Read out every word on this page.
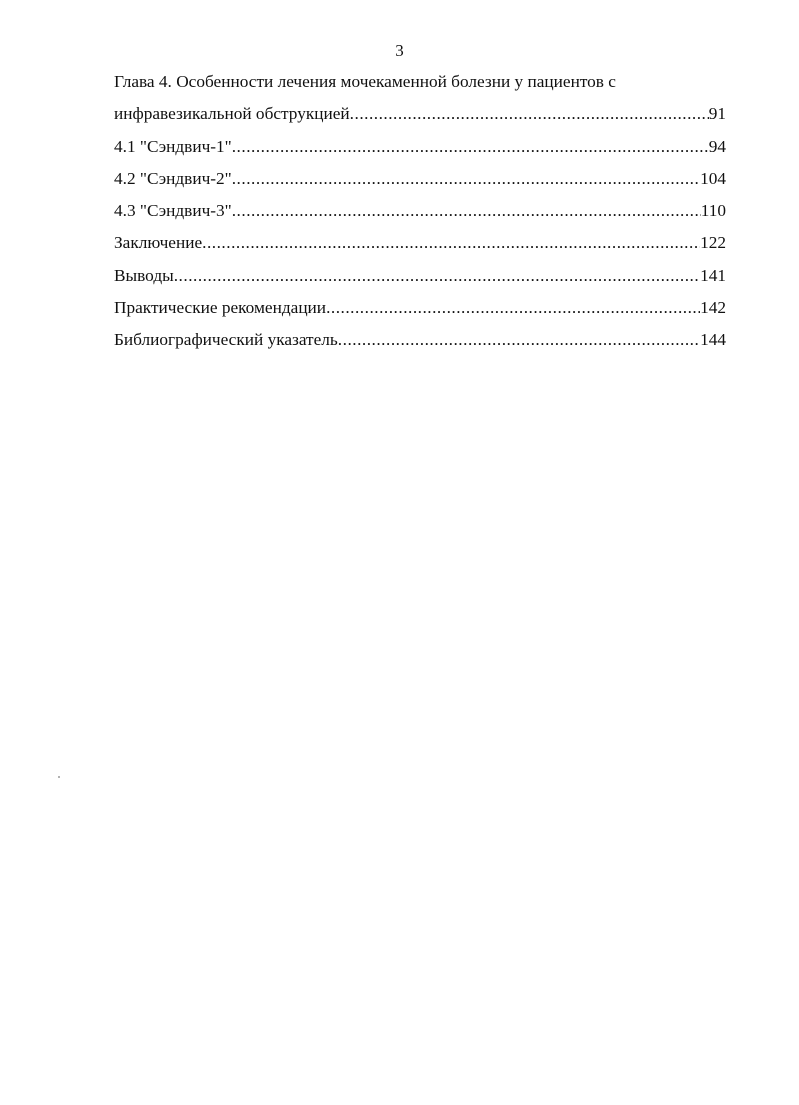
3
Глава 4. Особенности лечения мочекаменной болезни у пациентов с
инфравезикальной обструкцией .....	91
4.1 "Сэндвич-1" .....	94
4.2 "Сэндвич-2" .....	104
4.3 "Сэндвич-3" .....	110
Заключение .....	122
Выводы .....	141
Практические рекомендации .....	142
Библиографический указатель .....	144
